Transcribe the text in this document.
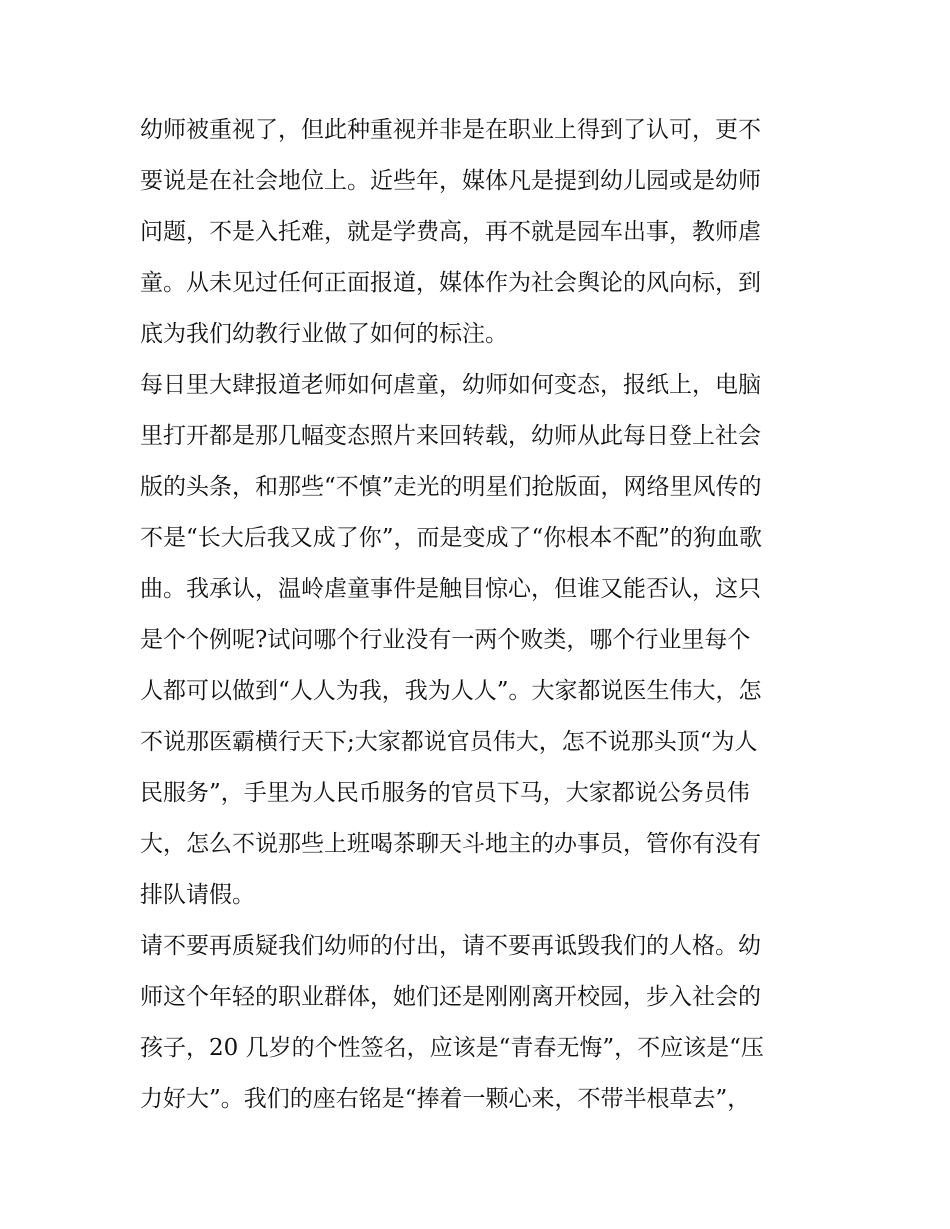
幼师被重视了，但此种重视并非是在职业上得到了认可，更不
要说是在社会地位上。近些年，媒体凡是提到幼儿园或是幼师
问题，不是入托难，就是学费高，再不就是园车出事，教师虐
童。从未见过任何正面报道，媒体作为社会舆论的风向标，到
底为我们幼教行业做了如何的标注。

每日里大肆报道老师如何虐童，幼师如何变态，报纸上，电脑
里打开都是那几幅变态照片来回转载，幼师从此每日登上社会
版的头条，和那些“不慎”走光的明星们抢版面，网络里风传的
不是“长大后我又成了你”，而是变成了“你根本不配”的狗血歌
曲。我承认，温岭虐童事件是触目惊心，但谁又能否认，这只
是个个例呢?试问哪个行业没有一两个败类，哪个行业里每个
人都可以做到“人人为我，我为人人”。大家都说医生伟大，怎
不说那医霸横行天下;大家都说官员伟大，怎不说那头顶“为人
民服务”，手里为人民币服务的官员下马，大家都说公务员伟
大，怎么不说那些上班喝茶聊天斗地主的办事员，管你有没有
排队请假。

请不要再质疑我们幼师的付出，请不要再诋毁我们的人格。幼
师这个年轻的职业群体，她们还是刚刚离开校园，步入社会的
孩子，20 几岁的个性签名，应该是“青春无悔”，不应该是“压
力好大”。我们的座右铭是“捧着一颗心来，不带半根草去”，
